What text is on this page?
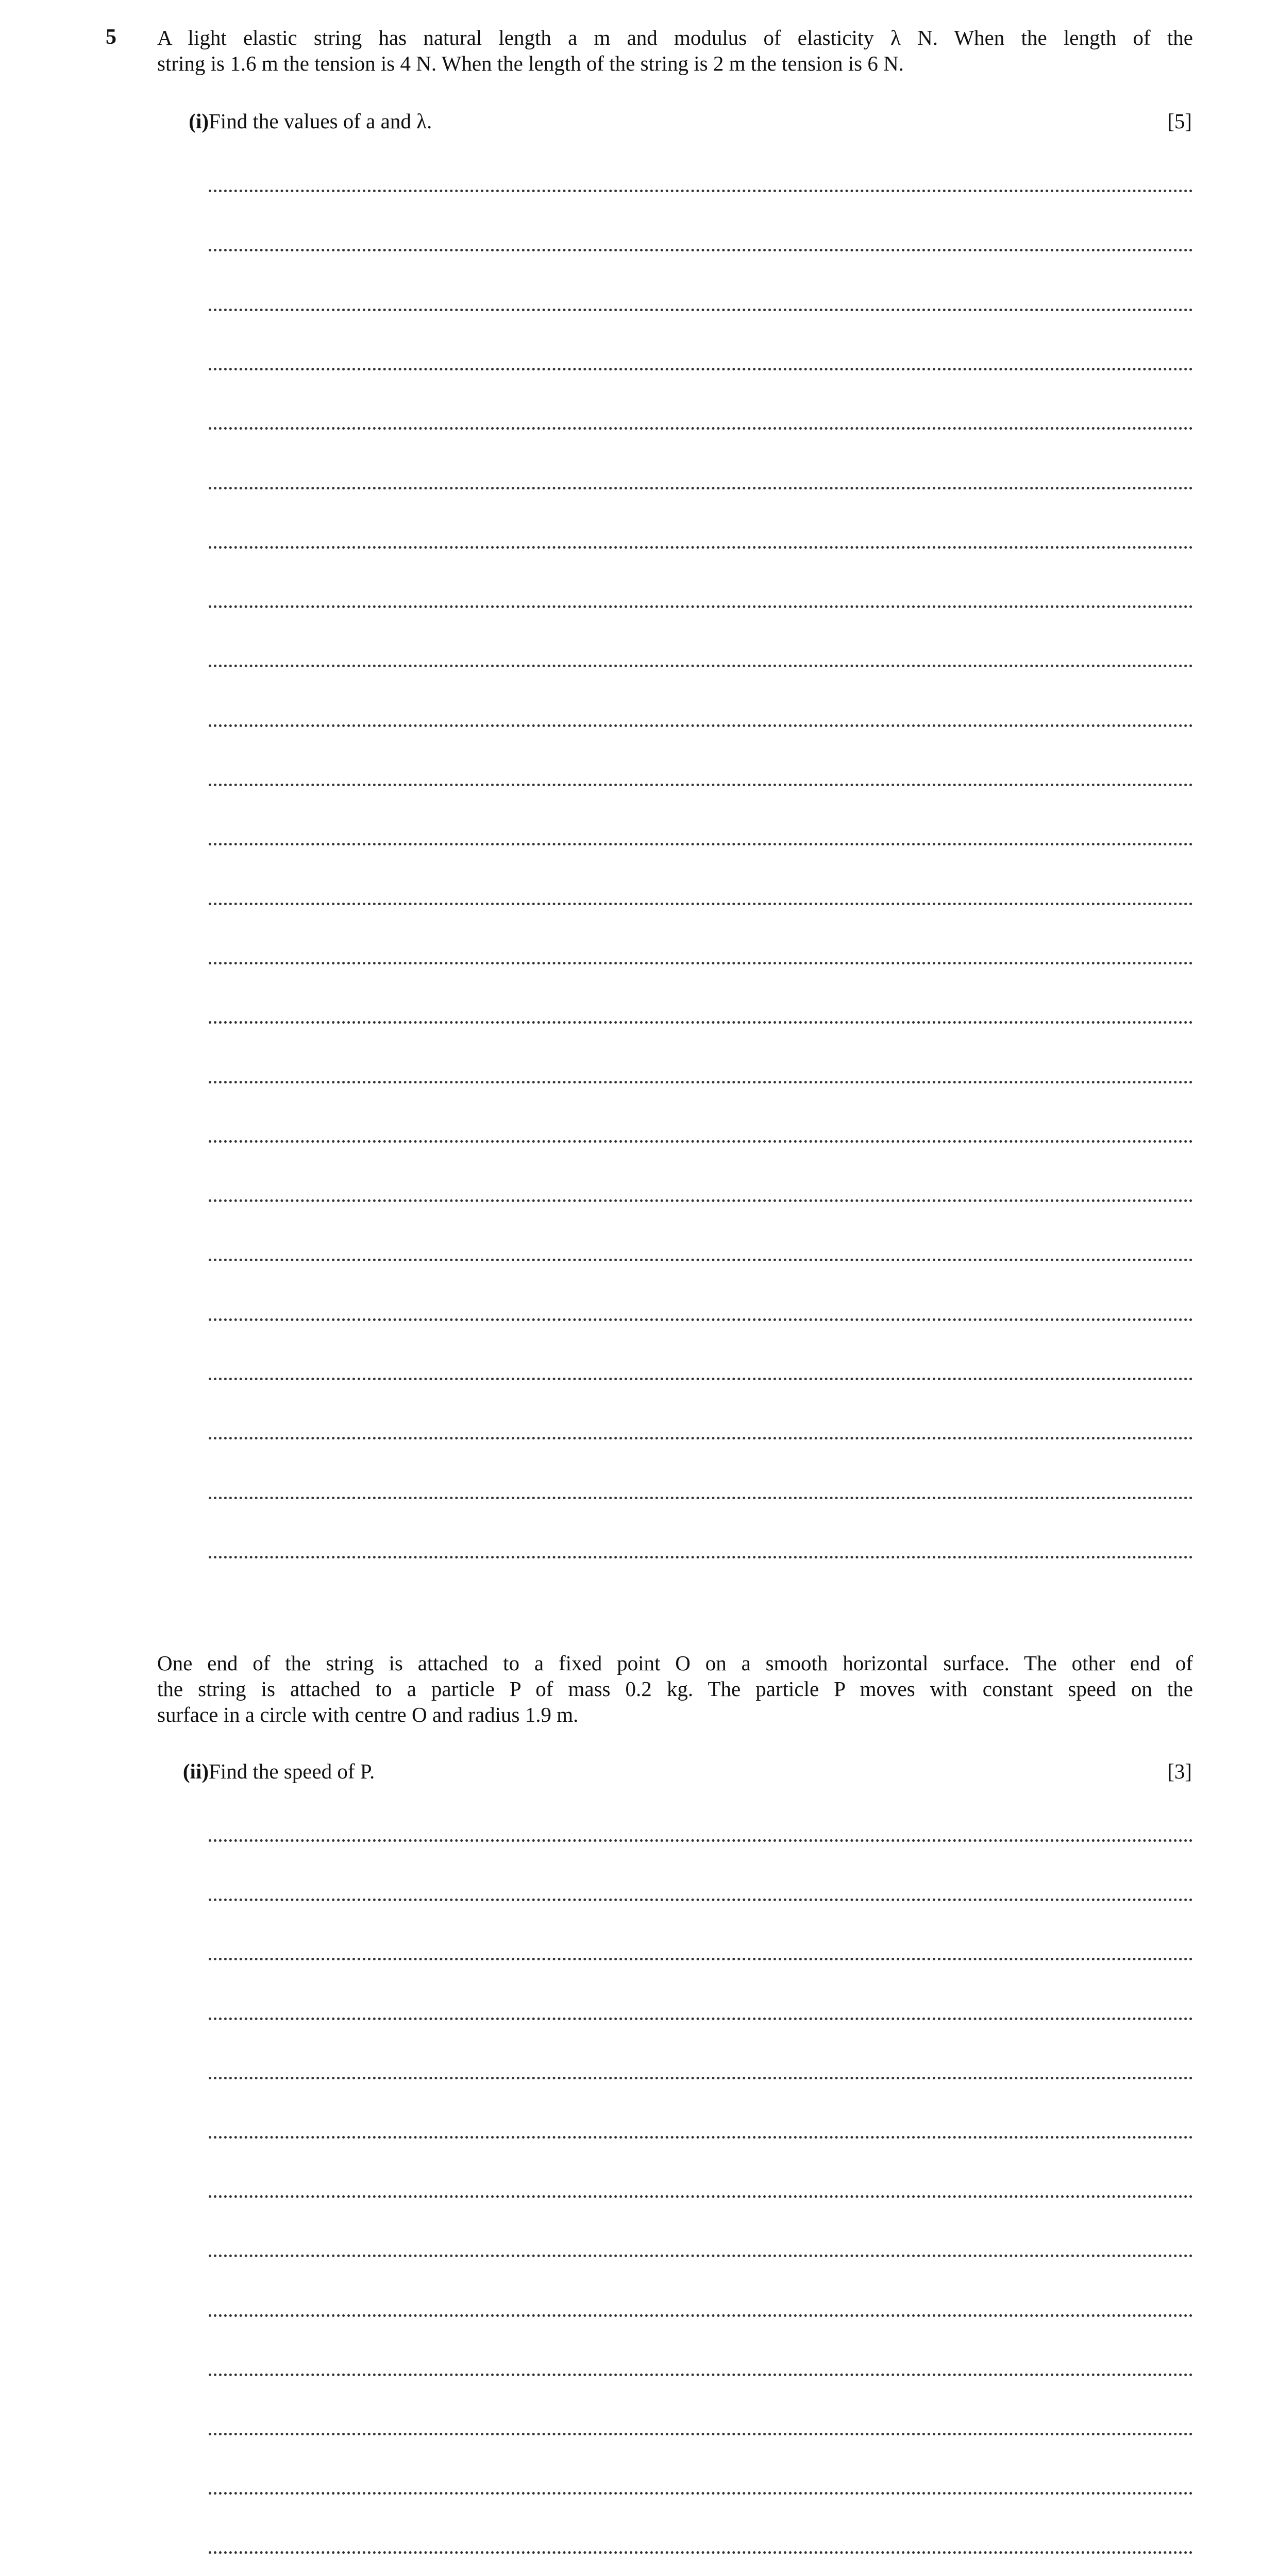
5 A light elastic string has natural length a m and modulus of elasticity λ N. When the length of the
string is 1.6 m the tension is 4 N. When the length of the string is 2 m the tension is 6 N.
(i) Find the values of a and λ.	[5]
One end of the string is attached to a fixed point O on a smooth horizontal surface. The other end of
the string is attached to a particle P of mass 0.2 kg. The particle P moves with constant speed on the
surface in a circle with centre O and radius 1.9 m.
(ii) Find the speed of P.	[3]
